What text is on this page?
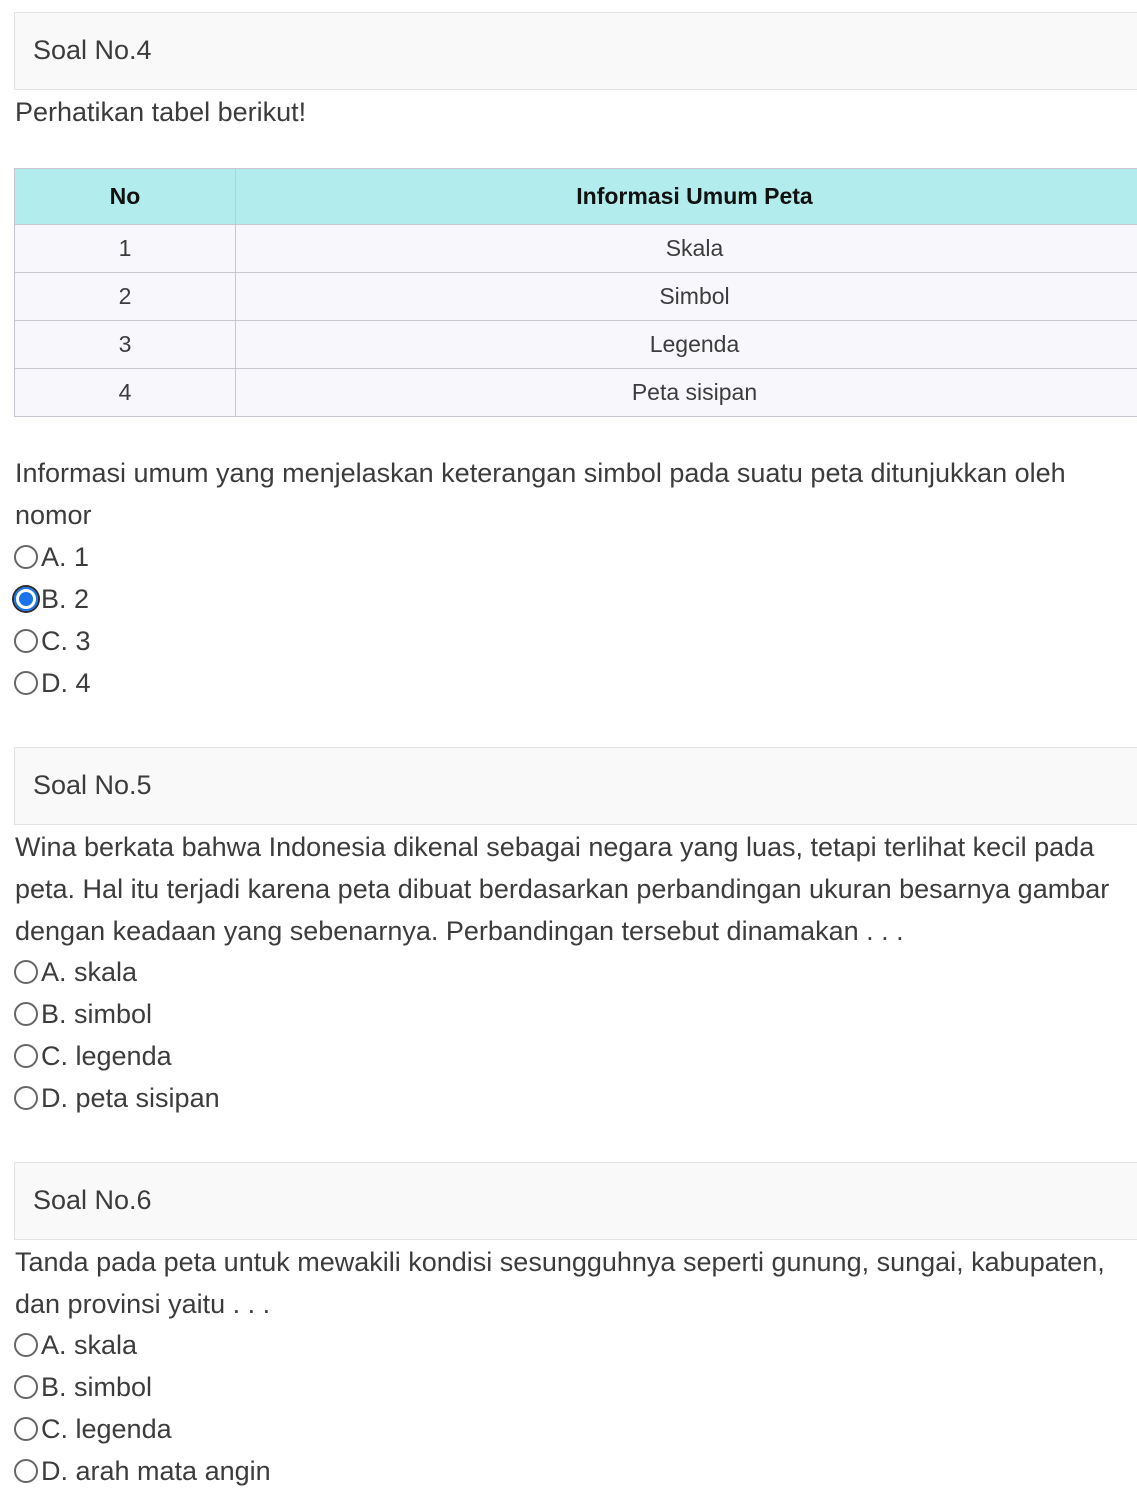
Soal No.4
Perhatikan tabel berikut!
No	Informasi Umum Peta
1	Skala
2	Simbol
3	Legenda
4	Peta sisipan
Informasi umum yang menjelaskan keterangan simbol pada suatu peta ditunjukkan oleh
nomor
A. 1
B. 2
C. 3
D. 4
Soal No.5
Wina berkata bahwa Indonesia dikenal sebagai negara yang luas, tetapi terlihat kecil pada
peta. Hal itu terjadi karena peta dibuat berdasarkan perbandingan ukuran besarnya gambar
dengan keadaan yang sebenarnya. Perbandingan tersebut dinamakan . . .
A. skala
B. simbol
C. legenda
D. peta sisipan
Soal No.6
Tanda pada peta untuk mewakili kondisi sesungguhnya seperti gunung, sungai, kabupaten,
dan provinsi yaitu . . .
A. skala
B. simbol
C. legenda
D. arah mata angin
